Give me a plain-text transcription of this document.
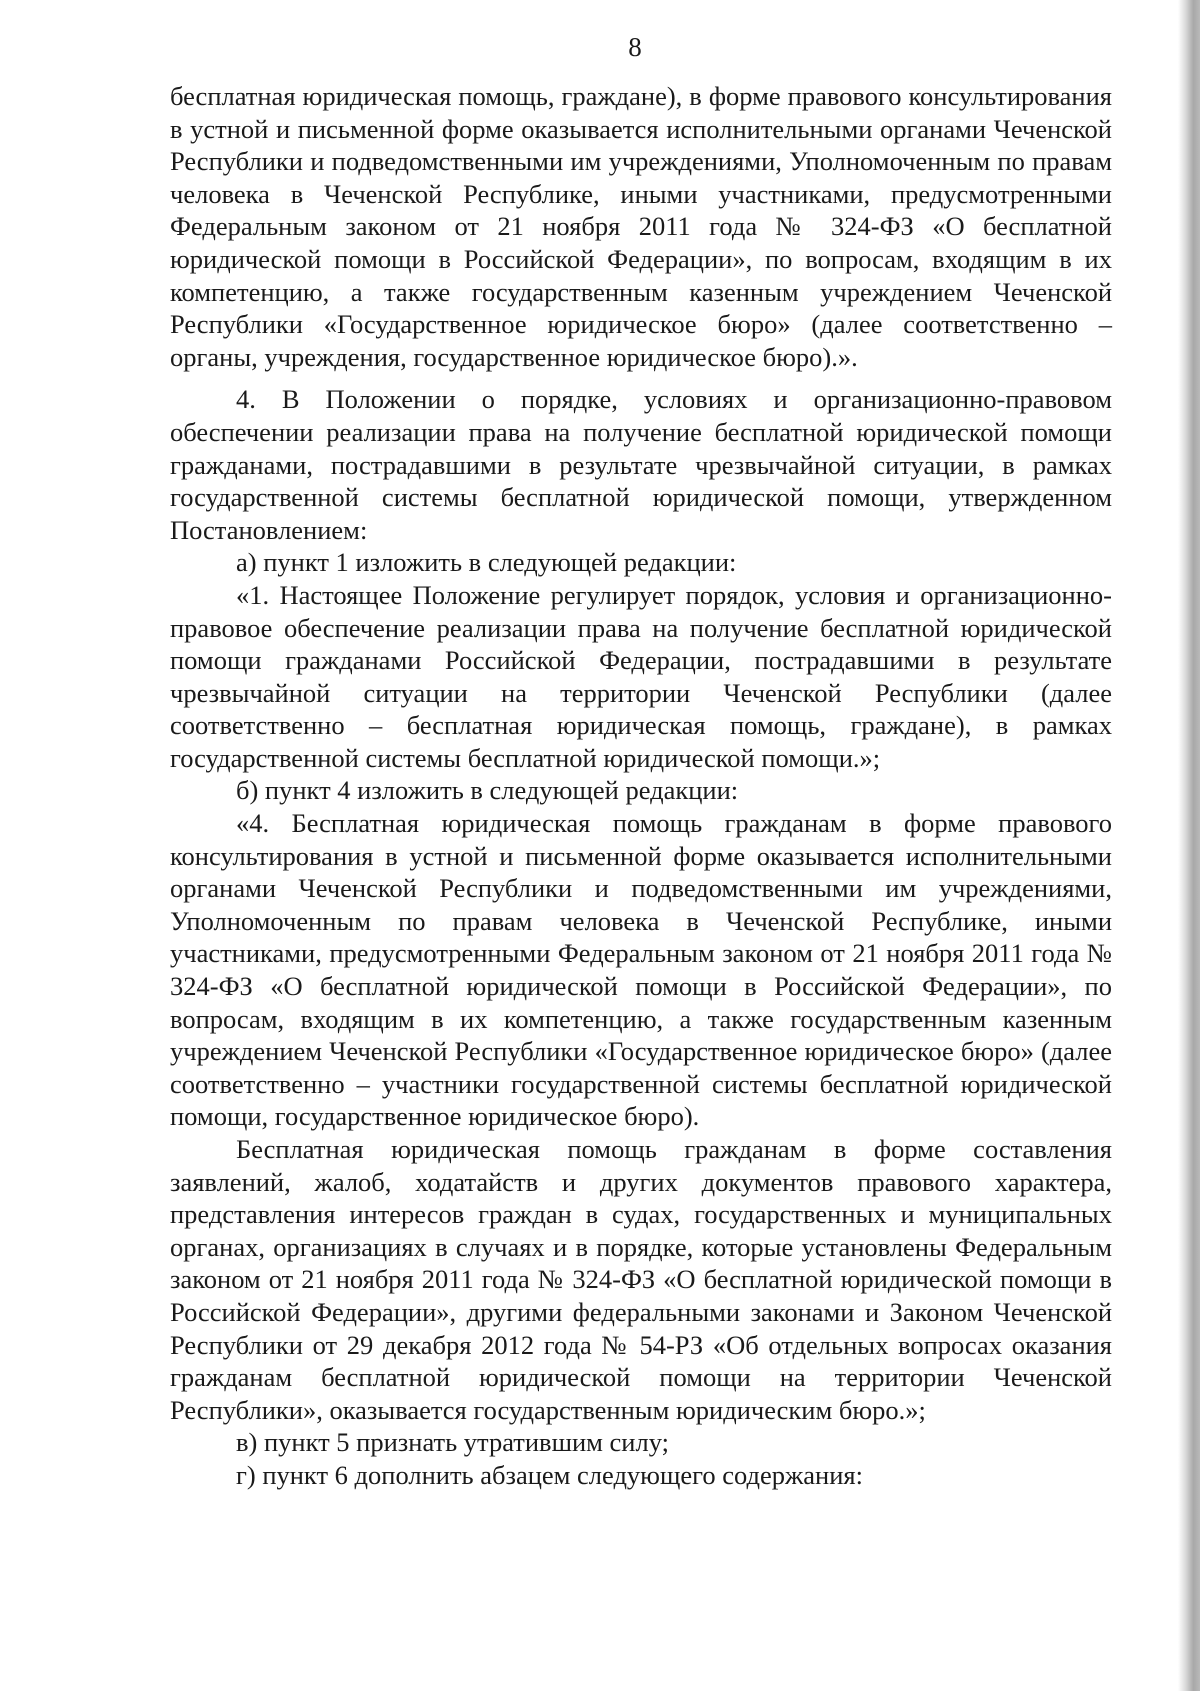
8

бесплатная юридическая помощь, граждане), в форме правового консультирования в устной и письменной форме оказывается исполнительными органами Чеченской Республики и подведомственными им учреждениями, Уполномоченным по правам человека в Чеченской Республике, иными участниками, предусмотренными Федеральным законом от 21 ноября 2011 года № 324-ФЗ «О бесплатной юридической помощи в Российской Федерации», по вопросам, входящим в их компетенцию, а также государственным казенным учреждением Чеченской Республики «Государственное юридическое бюро» (далее соответственно – органы, учреждения, государственное юридическое бюро).».

4. В Положении о порядке, условиях и организационно-правовом обеспечении реализации права на получение бесплатной юридической помощи гражданами, пострадавшими в результате чрезвычайной ситуации, в рамках государственной системы бесплатной юридической помощи, утвержденном Постановлением:

а) пункт 1 изложить в следующей редакции:

«1. Настоящее Положение регулирует порядок, условия и организационно-правовое обеспечение реализации права на получение бесплатной юридической помощи гражданами Российской Федерации, пострадавшими в результате чрезвычайной ситуации на территории Чеченской Республики (далее соответственно – бесплатная юридическая помощь, граждане), в рамках государственной системы бесплатной юридической помощи.»;

б) пункт 4 изложить в следующей редакции:

«4. Бесплатная юридическая помощь гражданам в форме правового консультирования в устной и письменной форме оказывается исполнительными органами Чеченской Республики и подведомственными им учреждениями, Уполномоченным по правам человека в Чеченской Республике, иными участниками, предусмотренными Федеральным законом от 21 ноября 2011 года № 324-ФЗ «О бесплатной юридической помощи в Российской Федерации», по вопросам, входящим в их компетенцию, а также государственным казенным учреждением Чеченской Республики «Государственное юридическое бюро» (далее соответственно – участники государственной системы бесплатной юридической помощи, государственное юридическое бюро).

Бесплатная юридическая помощь гражданам в форме составления заявлений, жалоб, ходатайств и других документов правового характера, представления интересов граждан в судах, государственных и муниципальных органах, организациях в случаях и в порядке, которые установлены Федеральным законом от 21 ноября 2011 года № 324-ФЗ «О бесплатной юридической помощи в Российской Федерации», другими федеральными законами и Законом Чеченской Республики от 29 декабря 2012 года № 54-РЗ «Об отдельных вопросах оказания гражданам бесплатной юридической помощи на территории Чеченской Республики», оказывается государственным юридическим бюро.»;

в) пункт 5 признать утратившим силу;

г) пункт 6 дополнить абзацем следующего содержания:
